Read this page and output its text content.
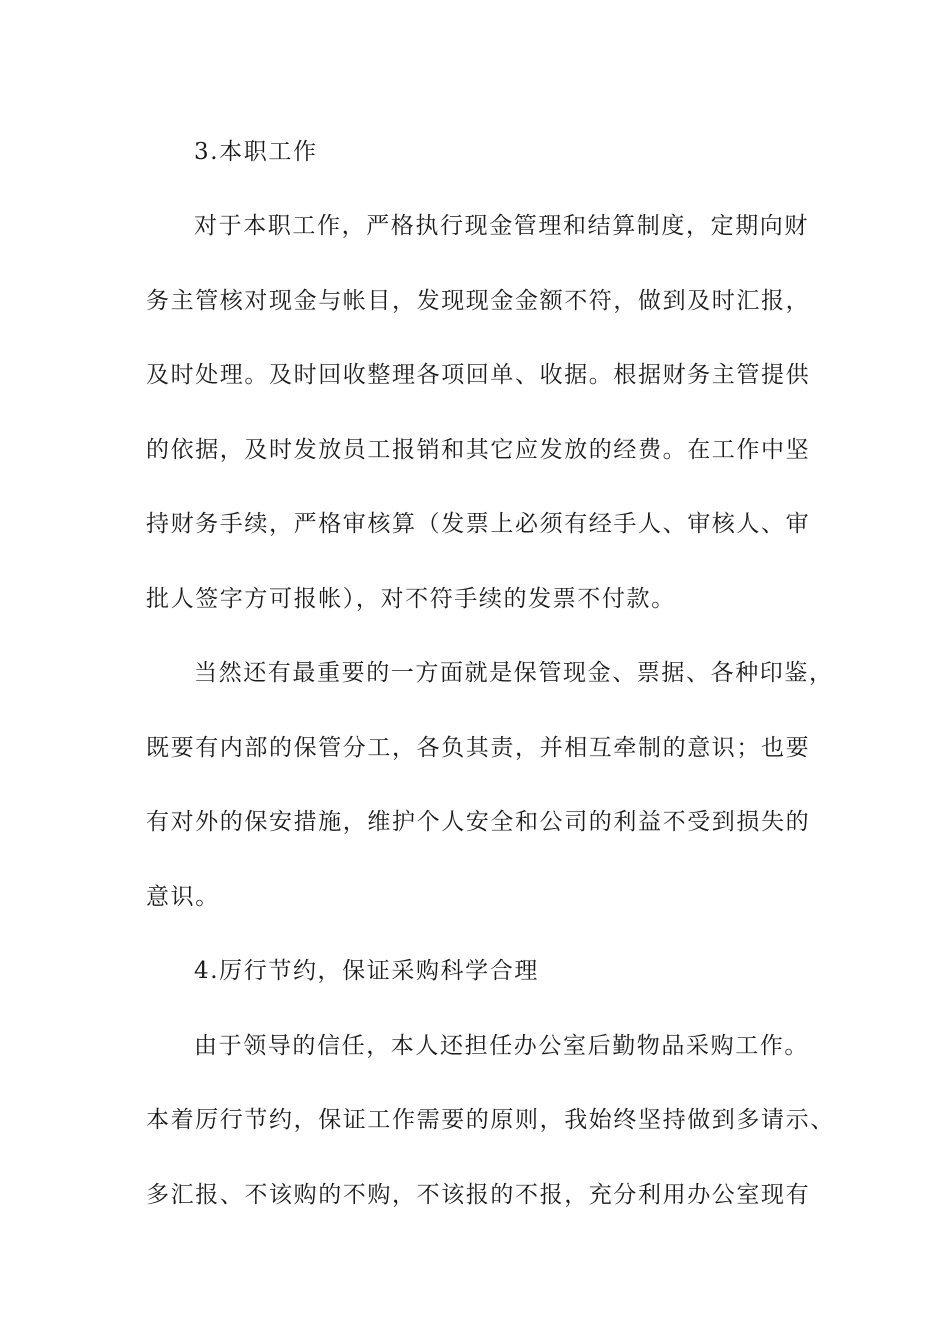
3.本职工作
对于本职工作，严格执行现金管理和结算制度，定期向财
务主管核对现金与帐目，发现现金金额不符，做到及时汇报，
及时处理。及时回收整理各项回单、收据。根据财务主管提供
的依据，及时发放员工报销和其它应发放的经费。在工作中坚
持财务手续，严格审核算（发票上必须有经手人、审核人、审
批人签字方可报帐），对不符手续的发票不付款。
当然还有最重要的一方面就是保管现金、票据、各种印鉴，
既要有内部的保管分工，各负其责，并相互牵制的意识；也要
有对外的保安措施，维护个人安全和公司的利益不受到损失的
意识。
4.厉行节约，保证采购科学合理
由于领导的信任，本人还担任办公室后勤物品采购工作。
本着厉行节约，保证工作需要的原则，我始终坚持做到多请示、
多汇报、不该购的不购，不该报的不报，充分利用办公室现有
